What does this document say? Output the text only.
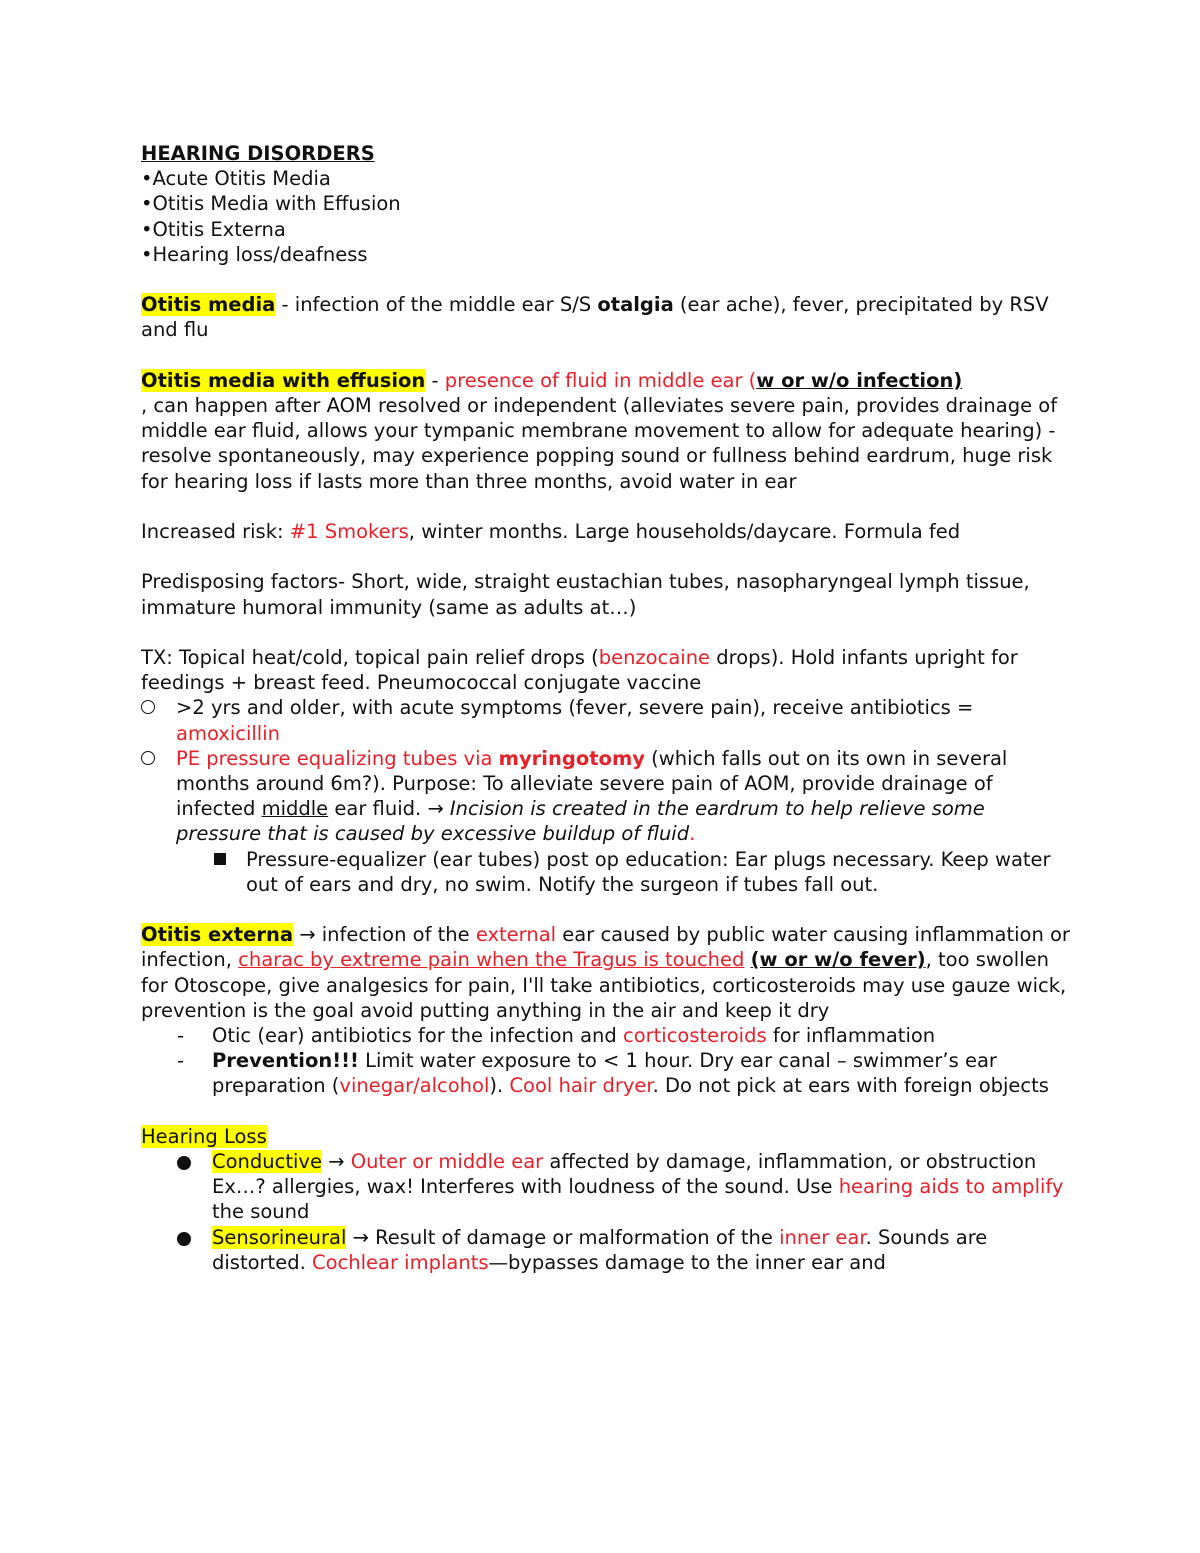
HEARING DISORDERS

•Acute Otitis Media

•Otitis Media with Effusion

•Otitis Externa

•Hearing loss/deafness

Otitis media - infection of the middle ear S/S otalgia (ear ache), fever, precipitated by RSV and flu

Otitis media with effusion - presence of fluid in middle ear (w or w/o infection)
, can happen after AOM resolved or independent (alleviates severe pain, provides drainage of middle ear fluid, allows your tympanic membrane movement to allow for adequate hearing) - resolve spontaneously, may experience popping sound or fullness behind eardrum, huge risk for hearing loss if lasts more than three months, avoid water in ear

Increased risk: #1 Smokers, winter months. Large households/daycare. Formula fed

Predisposing factors- Short, wide, straight eustachian tubes, nasopharyngeal lymph tissue, immature humoral immunity (same as adults at…)

TX: Topical heat/cold, topical pain relief drops (benzocaine drops). Hold infants upright for feedings + breast feed. Pneumococcal conjugate vaccine

>2 yrs and older, with acute symptoms (fever, severe pain), receive antibiotics = amoxicillin
PE pressure equalizing tubes via myringotomy (which falls out on its own in several months around 6m?). Purpose: To alleviate severe pain of AOM, provide drainage of infected middle ear fluid. → Incision is created in the eardrum to help relieve some pressure that is caused by excessive buildup of fluid.
Pressure-equalizer (ear tubes) post op education: Ear plugs necessary. Keep water out of ears and dry, no swim. Notify the surgeon if tubes fall out.

Otitis externa → infection of the external ear caused by public water causing inflammation or infection, charac by extreme pain when the Tragus is touched (w or w/o fever), too swollen for Otoscope, give analgesics for pain, I'll take antibiotics, corticosteroids may use gauze wick, prevention is the goal avoid putting anything in the air and keep it dry

- Otic (ear) antibiotics for the infection and corticosteroids for inflammation
- Prevention!!! Limit water exposure to < 1 hour. Dry ear canal – swimmer’s ear preparation (vinegar/alcohol). Cool hair dryer. Do not pick at ears with foreign objects

Hearing Loss

Conductive → Outer or middle ear affected by damage, inflammation, or obstruction Ex…? allergies, wax! Interferes with loudness of the sound. Use hearing aids to amplify the sound
Sensorineural → Result of damage or malformation of the inner ear. Sounds are distorted. Cochlear implants—bypasses damage to the inner ear and
